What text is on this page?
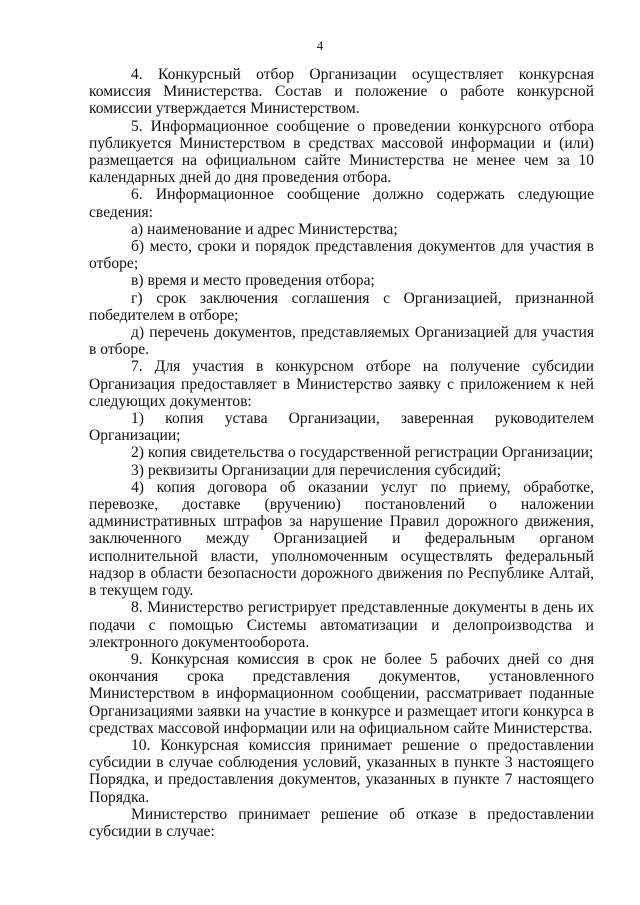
4

4. Конкурсный отбор Организации осуществляет конкурсная комиссия Министерства. Состав и положение о работе конкурсной комиссии утверждается Министерством.

5. Информационное сообщение о проведении конкурсного отбора публикуется Министерством в средствах массовой информации и (или) размещается на официальном сайте Министерства не менее чем за 10 календарных дней до дня проведения отбора.

6. Информационное сообщение должно содержать следующие сведения:

а) наименование и адрес Министерства;

б) место, сроки и порядок представления документов для участия в отборе;

в) время и место проведения отбора;

г) срок заключения соглашения с Организацией, признанной победителем в отборе;

д) перечень документов, представляемых Организацией для участия в отборе.

7. Для участия в конкурсном отборе на получение субсидии Организация предоставляет в Министерство заявку с приложением к ней следующих документов:

1) копия устава Организации, заверенная руководителем Организации;

2) копия свидетельства о государственной регистрации Организации;

3) реквизиты Организации для перечисления субсидий;

4) копия договора об оказании услуг по приему, обработке, перевозке, доставке (вручению) постановлений о наложении административных штрафов за нарушение Правил дорожного движения, заключенного между Организацией и федеральным органом исполнительной власти, уполномоченным осуществлять федеральный надзор в области безопасности дорожного движения по Республике Алтай, в текущем году.

8. Министерство регистрирует представленные документы в день их подачи с помощью Системы автоматизации и делопроизводства и электронного документооборота.

9. Конкурсная комиссия в срок не более 5 рабочих дней со дня окончания срока представления документов, установленного Министерством в информационном сообщении, рассматривает поданные Организациями заявки на участие в конкурсе и размещает итоги конкурса в средствах массовой информации или на официальном сайте Министерства.

10. Конкурсная комиссия принимает решение о предоставлении субсидии в случае соблюдения условий, указанных в пункте 3 настоящего Порядка, и предоставления документов, указанных в пункте 7 настоящего Порядка.

Министерство принимает решение об отказе в предоставлении субсидии в случае:
